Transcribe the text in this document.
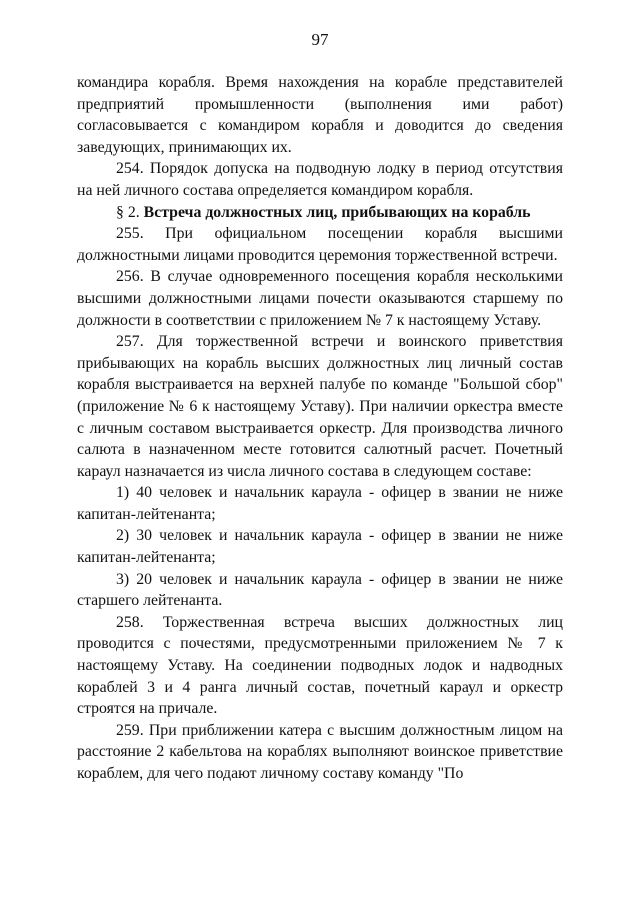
97

командира корабля. Время нахождения на корабле представителей предприятий промышленности (выполнения ими работ) согласовывается с командиром корабля и доводится до сведения заведующих, принимающих их.

254. Порядок допуска на подводную лодку в период отсутствия на ней личного состава определяется командиром корабля.

§ 2. Встреча должностных лиц, прибывающих на корабль

255. При официальном посещении корабля высшими должностными лицами проводится церемония торжественной встречи.

256. В случае одновременного посещения корабля несколькими высшими должностными лицами почести оказываются старшему по должности в соответствии с приложением № 7 к настоящему Уставу.

257. Для торжественной встречи и воинского приветствия прибывающих на корабль высших должностных лиц личный состав корабля выстраивается на верхней палубе по команде "Большой сбор" (приложение № 6 к настоящему Уставу). При наличии оркестра вместе с личным составом выстраивается оркестр. Для производства личного салюта в назначенном месте готовится салютный расчет. Почетный караул назначается из числа личного состава в следующем составе:

1) 40 человек и начальник караула - офицер в звании не ниже капитан-лейтенанта;

2) 30 человек и начальник караула - офицер в звании не ниже капитан-лейтенанта;

3) 20 человек и начальник караула - офицер в звании не ниже старшего лейтенанта.

258. Торжественная встреча высших должностных лиц проводится с почестями, предусмотренными приложением № 7 к настоящему Уставу. На соединении подводных лодок и надводных кораблей 3 и 4 ранга личный состав, почетный караул и оркестр строятся на причале.

259. При приближении катера с высшим должностным лицом на расстояние 2 кабельтова на кораблях выполняют воинское приветствие кораблем, для чего подают личному составу команду "По
